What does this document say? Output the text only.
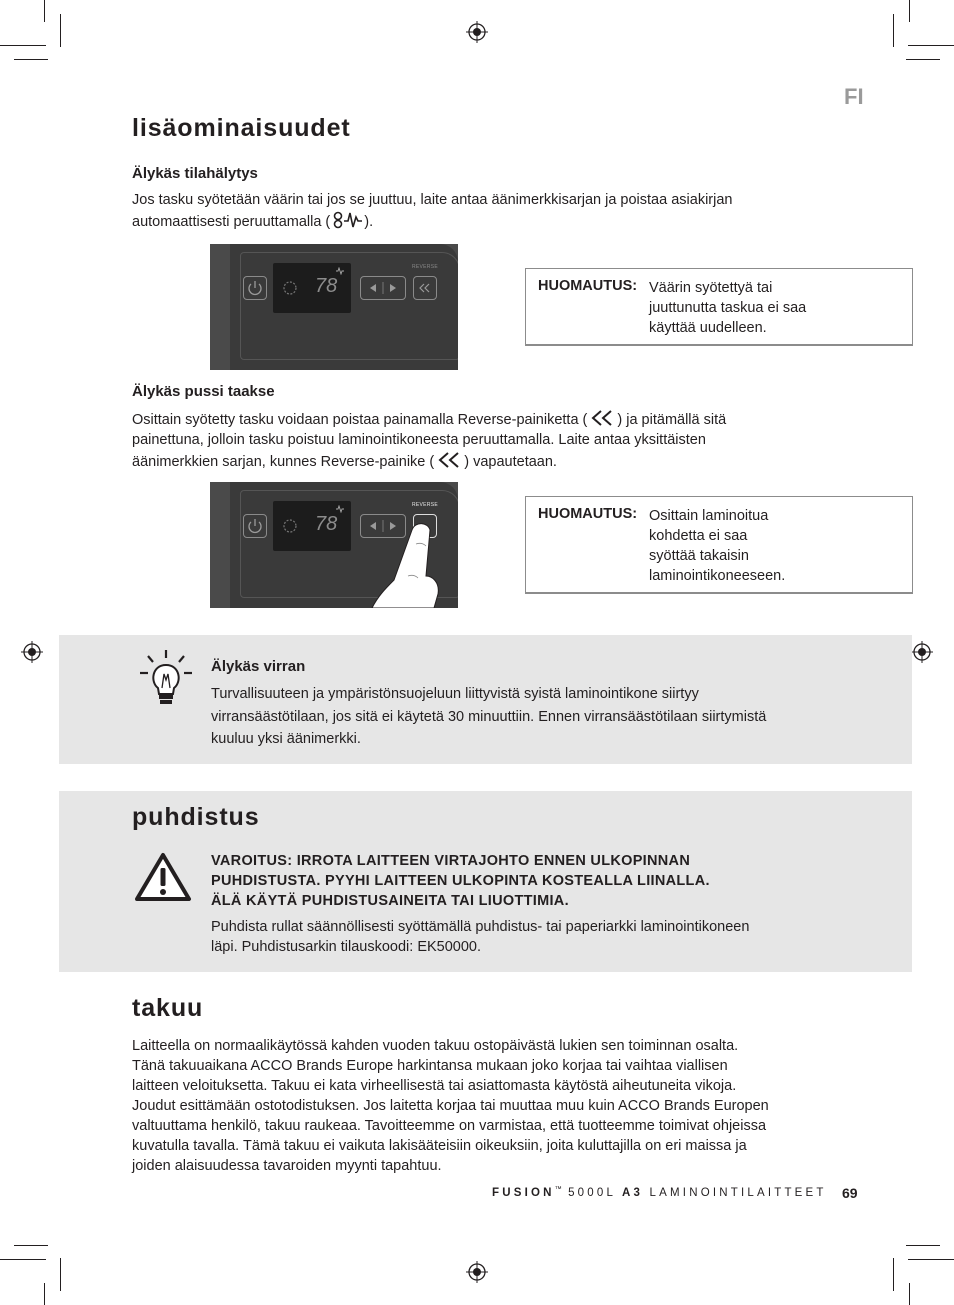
FI
lisäominaisuudet
Älykäs tilahälytys
Jos tasku syötetään väärin tai jos se juuttuu, laite antaa äänimerkkisarjan ja poistaa asiakirjan
automaattisesti peruuttamalla ( ).
78
REVERSE
HUOMAUTUS: Väärin syötettyä tai
juuttunutta taskua ei saa
käyttää uudelleen.
Älykäs pussi taakse
Osittain syötetty tasku voidaan poistaa painamalla Reverse-painiketta ( ) ja pitämällä sitä
painettuna, jolloin tasku poistuu laminointikoneesta peruuttamalla. Laite antaa yksittäisten
äänimerkkien sarjan, kunnes Reverse-painike ( ) vapautetaan.
78
REVERSE
HUOMAUTUS: Osittain laminoitua
kohdetta ei saa
syöttää takaisin
laminointikoneeseen.
Älykäs virran
Turvallisuuteen ja ympäristönsuojeluun liittyvistä syistä laminointikone siirtyy
virransäästötilaan, jos sitä ei käytetä 30 minuuttiin. Ennen virransäästötilaan siirtymistä
kuuluu yksi äänimerkki.
puhdistus
VAROITUS: IRROTA LAITTEEN VIRTAJOHTO ENNEN ULKOPINNAN
PUHDISTUSTA. PYYHI LAITTEEN ULKOPINTA KOSTEALLA LIINALLA.
ÄLÄ KÄYTÄ PUHDISTUSAINEITA TAI LIUOTTIMIA.
Puhdista rullat säännöllisesti syöttämällä puhdistus- tai paperiarkki laminointikoneen
läpi. Puhdistusarkin tilauskoodi: EK50000.
takuu
Laitteella on normaalikäytössä kahden vuoden takuu ostopäivästä lukien sen toiminnan osalta.
Tänä takuuaikana ACCO Brands Europe harkintansa mukaan joko korjaa tai vaihtaa viallisen
laitteen veloituksetta. Takuu ei kata virheellisestä tai asiattomasta käytöstä aiheutuneita vikoja.
Joudut esittämään ostotodistuksen. Jos laitetta korjaa tai muuttaa muu kuin ACCO Brands Europen
valtuuttama henkilö, takuu raukeaa. Tavoitteemme on varmistaa, että tuotteemme toimivat ohjeissa
kuvatulla tavalla. Tämä takuu ei vaikuta lakisääteisiin oikeuksiin, joita kuluttajilla on eri maissa ja
joiden alaisuudessa tavaroiden myynti tapahtuu.
FUSION™ 5000L A3 LAMINOINTILAITTEET 69
